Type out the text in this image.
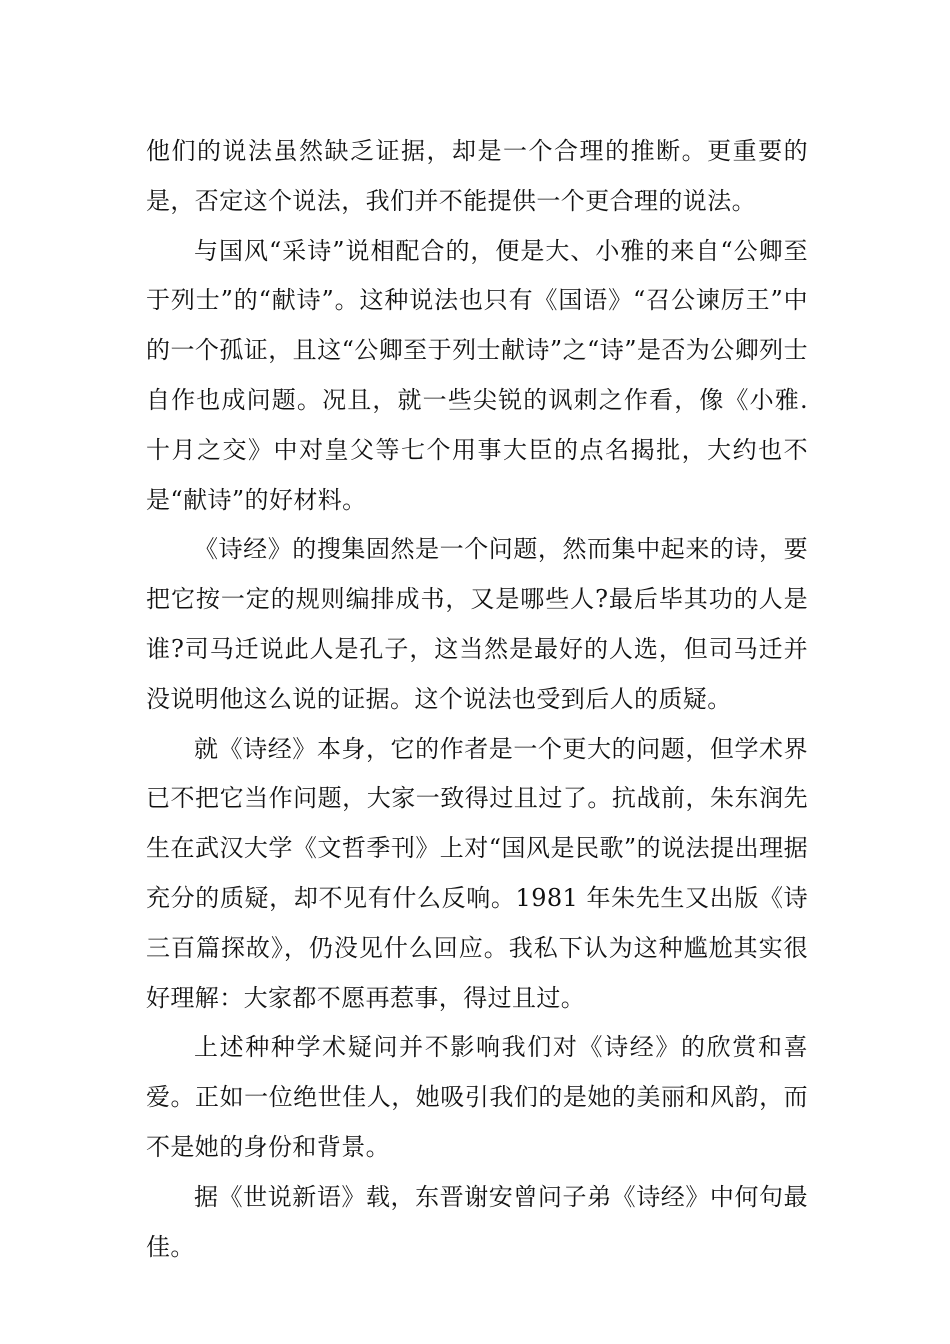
他们的说法虽然缺乏证据，却是一个合理的推断。更重要的是，否定这个说法，我们并不能提供一个更合理的说法。

与国风“采诗”说相配合的，便是大、小雅的来自“公卿至于列士”的“献诗”。这种说法也只有《国语》“召公谏厉王”中的一个孤证，且这“公卿至于列士献诗”之“诗”是否为公卿列士自作也成问题。况且，就一些尖锐的讽刺之作看，像《小雅.十月之交》中对皇父等七个用事大臣的点名揭批，大约也不是“献诗”的好材料。

《诗经》的搜集固然是一个问题，然而集中起来的诗，要把它按一定的规则编排成书，又是哪些人?最后毕其功的人是谁?司马迁说此人是孔子，这当然是最好的人选，但司马迁并没说明他这么说的证据。这个说法也受到后人的质疑。

就《诗经》本身，它的作者是一个更大的问题，但学术界已不把它当作问题，大家一致得过且过了。抗战前，朱东润先生在武汉大学《文哲季刊》上对“国风是民歌”的说法提出理据充分的质疑，却不见有什么反响。1981 年朱先生又出版《诗三百篇探故》，仍没见什么回应。我私下认为这种尴尬其实很好理解：大家都不愿再惹事，得过且过。

上述种种学术疑问并不影响我们对《诗经》的欣赏和喜爱。正如一位绝世佳人，她吸引我们的是她的美丽和风韵，而不是她的身份和背景。

据《世说新语》载，东晋谢安曾问子弟《诗经》中何句最佳。
